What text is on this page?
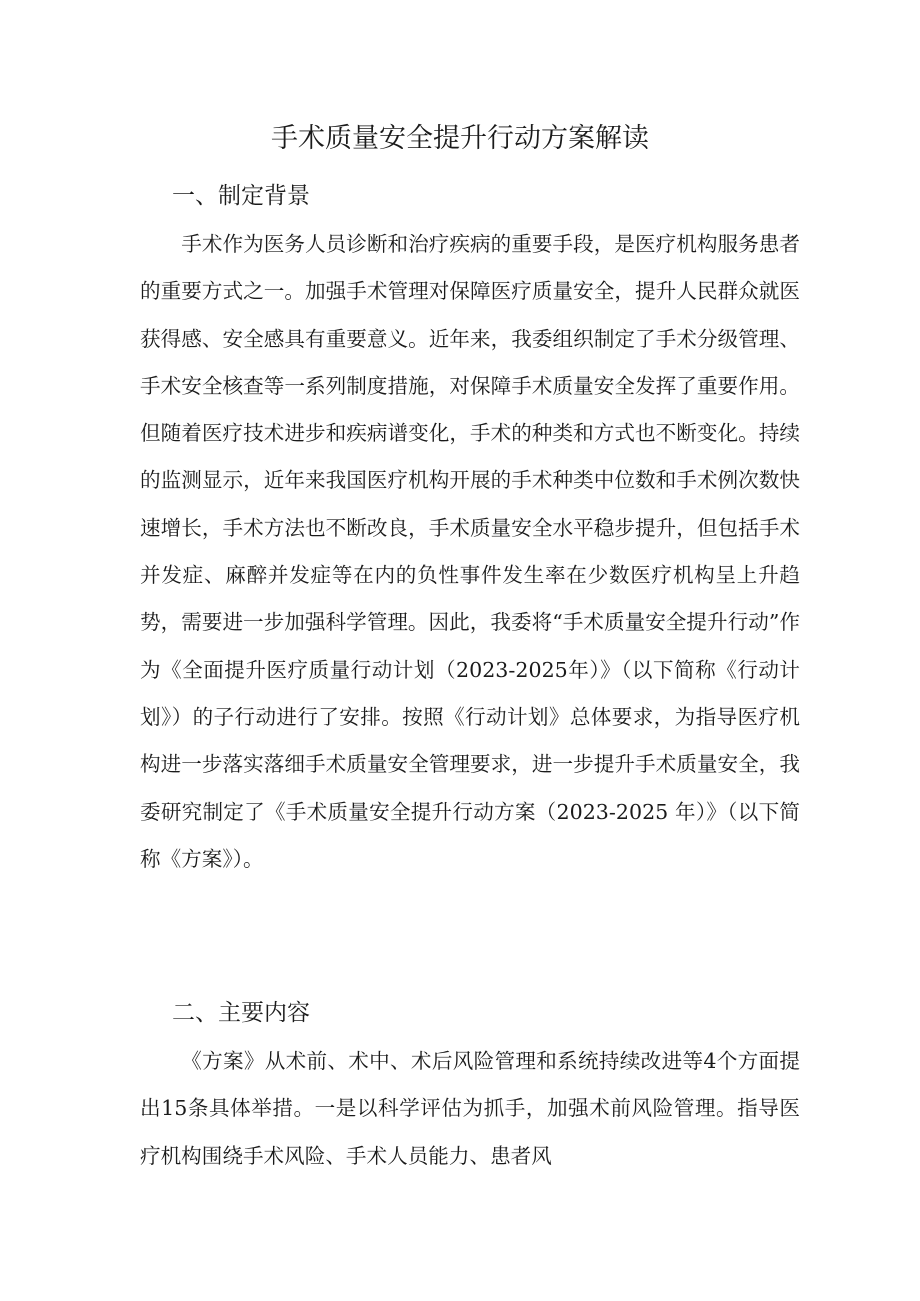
手术质量安全提升行动方案解读
一、制定背景

手术作为医务人员诊断和治疗疾病的重要手段，是医疗机构服务患者的重要方式之一。加强手术管理对保障医疗质量安全，提升人民群众就医获得感、安全感具有重要意义。近年来，我委组织制定了手术分级管理、手术安全核查等一系列制度措施，对保障手术质量安全发挥了重要作用。但随着医疗技术进步和疾病谱变化，手术的种类和方式也不断变化。持续的监测显示，近年来我国医疗机构开展的手术种类中位数和手术例次数快速增长，手术方法也不断改良，手术质量安全水平稳步提升，但包括手术并发症、麻醉并发症等在内的负性事件发生率在少数医疗机构呈上升趋势，需要进一步加强科学管理。因此，我委将“手术质量安全提升行动”作为《全面提升医疗质量行动计划（2023-2025年）》（以下简称《行动计划》）的子行动进行了安排。按照《行动计划》总体要求，为指导医疗机构进一步落实落细手术质量安全管理要求，进一步提升手术质量安全，我委研究制定了《手术质量安全提升行动方案（2023-2025 年）》（以下简称《方案》）。

二、主要内容

《方案》从术前、术中、术后风险管理和系统持续改进等4个方面提出15条具体举措。一是以科学评估为抓手，加强术前风险管理。指导医疗机构围绕手术风险、手术人员能力、患者风
